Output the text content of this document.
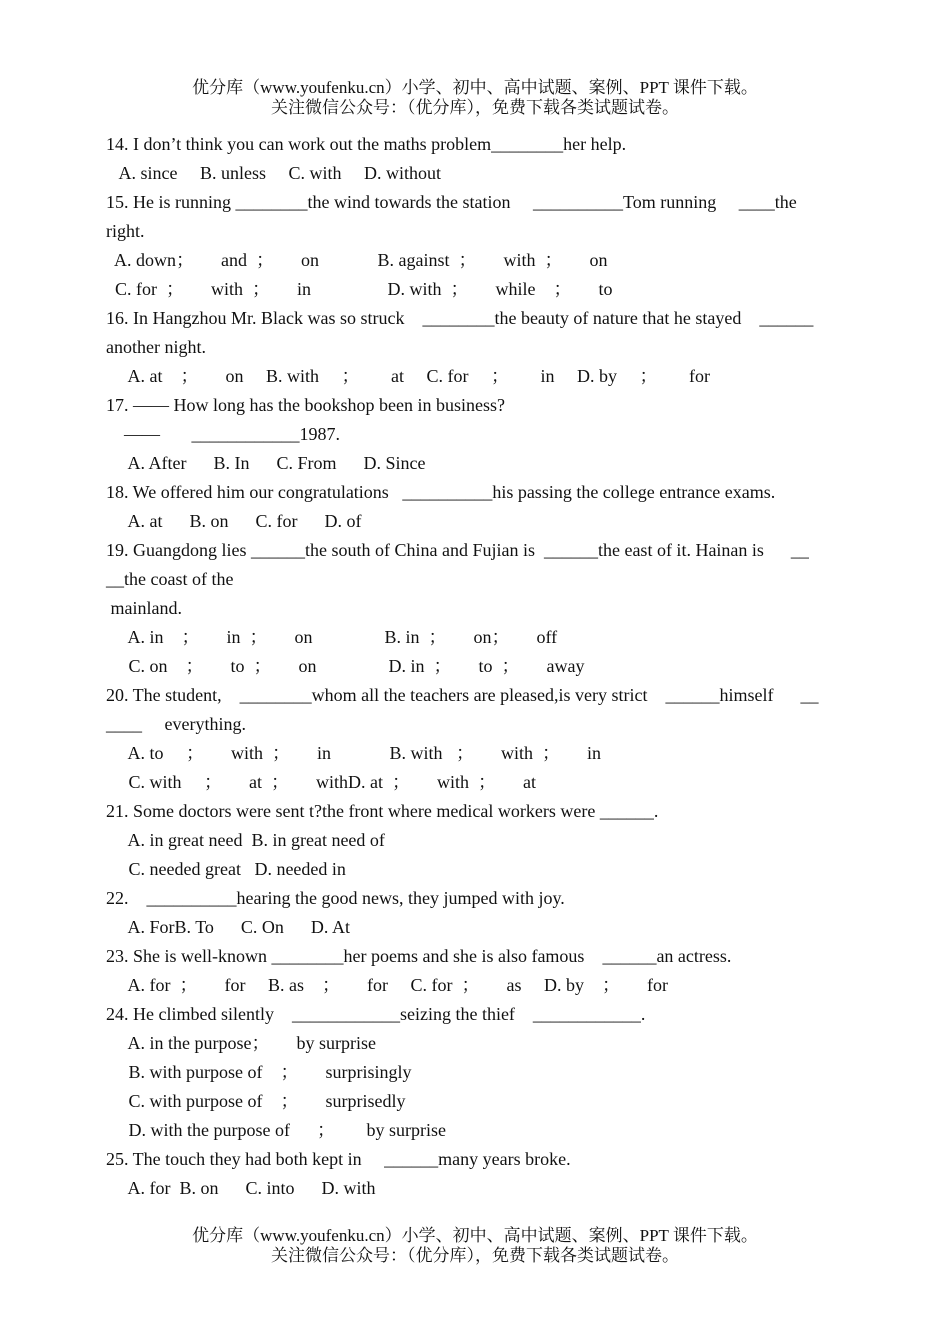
优分库（www.youfenku.cn）小学、初中、高中试题、案例、PPT 课件下载。
关注微信公众号：（优分库），免费下载各类试题试卷。
14. I don’t think you can work out the maths problem________her help.
A. since     B. unless     C. with     D. without
15. He is running ________the wind towards the station     __________Tom running     ____the
right.
A. down；      and  ；      on             B. against  ；      with  ；      on
C. for  ；      with  ；      in                 D. with  ；      while    ；      to
16. In Hangzhou Mr. Black was so struck    ________the beauty of nature that he stayed    ______
another night.
A. at    ；      on     B. with     ；       at     C. for     ；       in     D. by     ；       for
17. —— How long has the bookshop been in business?
——       ____________1987.
A. After      B. In      C. From      D. Since
18. We offered him our congratulations   __________his passing the college entrance exams.
A. at      B. on      C. for      D. of
19. Guangdong lies ______the south of China and Fujian is  ______the east of it. Hainan is      __
__the coast of the
mainland.
A. in    ；      in  ；      on                B. in  ；      on；      off
C. on    ；      to  ；      on                D. in  ；      to  ；      away
20. The student,    ________whom all the teachers are pleased,is very strict    ______himself      __
____     everything.
A. to     ；      with  ；      in             B. with   ；      with  ；      in
C. with     ；      at  ；      withD. at  ；      with  ；      at
21. Some doctors were sent t?the front where medical workers were ______.
A. in great need  B. in great need of
C. needed great   D. needed in
22.    __________hearing the good news, they jumped with joy.
A. ForB. To      C. On      D. At
23. She is well-known ________her poems and she is also famous    ______an actress.
A. for  ；      for     B. as    ；      for     C. for  ；      as     D. by    ；      for
24. He climbed silently    ____________seizing the thief    ____________.
A. in the purpose；      by surprise
B. with purpose of    ；      surprisingly
C. with purpose of    ；      surprisedly
D. with the purpose of      ；       by surprise
25. The touch they had both kept in     ______many years broke.
A. for  B. on      C. into      D. with
优分库（www.youfenku.cn）小学、初中、高中试题、案例、PPT 课件下载。
关注微信公众号：（优分库），免费下载各类试题试卷。
